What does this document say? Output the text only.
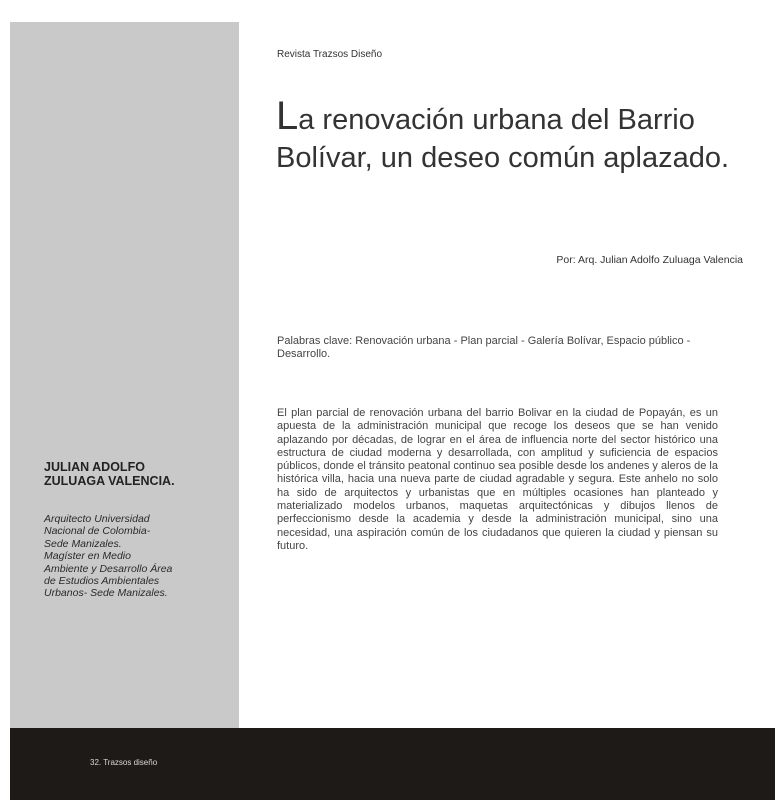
JULIAN ADOLFO
ZULUAGA VALENCIA.

Arquitecto Universidad
Nacional de Colombia-
Sede Manizales.
Magíster en Medio
Ambiente y Desarrollo Área
de Estudios Ambientales
Urbanos- Sede Manizales.

Revista Trazsos Diseño
La renovación urbana del Barrio Bolívar, un deseo común aplazado.
Por: Arq. Julian Adolfo Zuluaga Valencia

Palabras clave: Renovación urbana - Plan parcial - Galería Bolívar, Espacio público - Desarrollo.

El plan parcial de renovación urbana del barrio Bolivar en la ciudad de Popayán, es un apuesta de la administración municipal que recoge los deseos que se han venido aplazando por décadas, de lograr en el área de influencia norte del sector histórico una estructura de ciudad moderna y desarrollada, con amplitud y suficiencia de espacios públicos, donde el tránsito peatonal continuo sea posible desde los andenes y aleros de la histórica villa, hacia una nueva parte de ciudad agradable y segura. Este anhelo no solo ha sido de arquitectos y urbanistas que en múltiples ocasiones han planteado y materializado modelos urbanos, maquetas arquitectónicas y dibujos llenos de perfeccionismo desde la academia y desde la administración municipal, sino una necesidad, una aspiración común de los ciudadanos que quieren la ciudad y piensan su futuro.

32. Trazsos diseño
